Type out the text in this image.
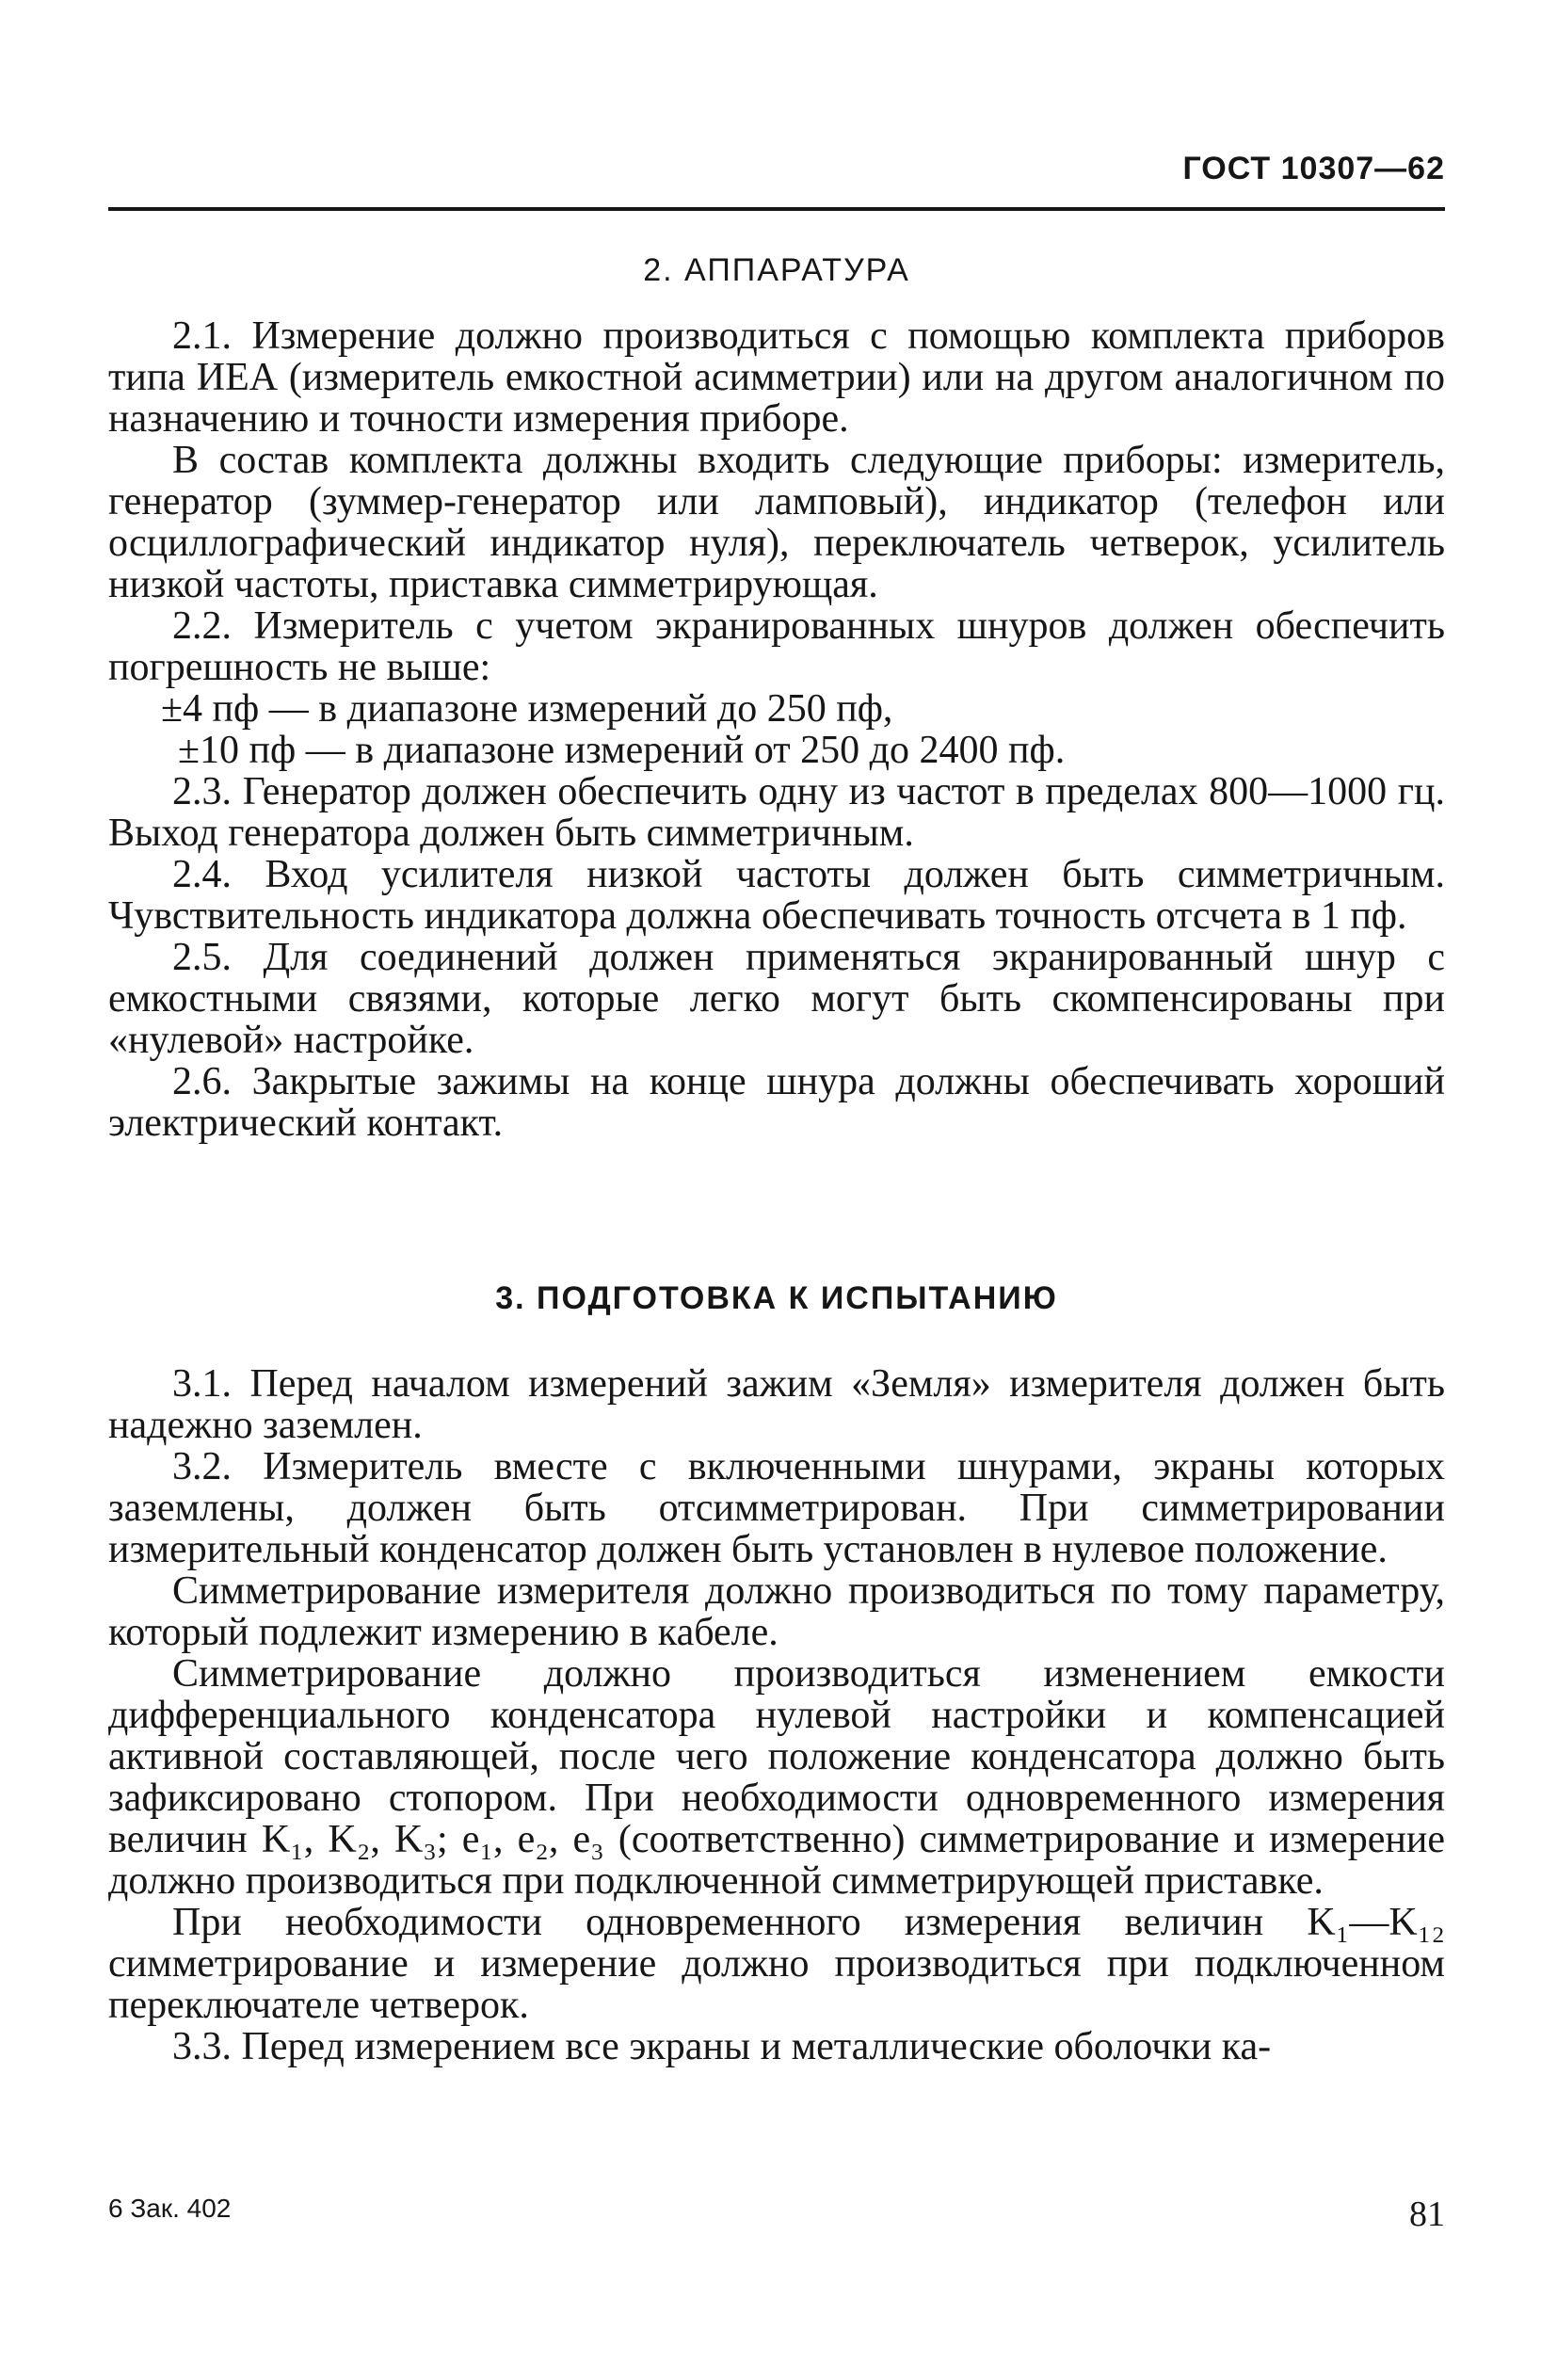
ГОСТ 10307—62
2. АППАРАТУРА

2.1. Измерение должно производиться с помощью комплекта приборов типа ИЕА (измеритель емкостной асимметрии) или на другом аналогичном по назначению и точности измерения приборе.

В состав комплекта должны входить следующие приборы: измеритель, генератор (зуммер-генератор или ламповый), индикатор (телефон или осциллографический индикатор нуля), переключатель четверок, усилитель низкой частоты, приставка симметрирующая.

2.2. Измеритель с учетом экранированных шнуров должен обеспечить погрешность не выше:

±4 пф — в диапазоне измерений до 250 пф,

±10 пф — в диапазоне измерений от 250 до 2400 пф.

2.3. Генератор должен обеспечить одну из частот в пределах 800—1000 гц. Выход генератора должен быть симметричным.

2.4. Вход усилителя низкой частоты должен быть симметричным. Чувствительность индикатора должна обеспечивать точность отсчета в 1 пф.

2.5. Для соединений должен применяться экранированный шнур с емкостными связями, которые легко могут быть скомпенсированы при «нулевой» настройке.

2.6. Закрытые зажимы на конце шнура должны обеспечивать хороший электрический контакт.

3. ПОДГОТОВКА К ИСПЫТАНИЮ

3.1. Перед началом измерений зажим «Земля» измерителя должен быть надежно заземлен.

3.2. Измеритель вместе с включенными шнурами, экраны которых заземлены, должен быть отсимметрирован. При симметрировании измерительный конденсатор должен быть установлен в нулевое положение.

Симметрирование измерителя должно производиться по тому параметру, который подлежит измерению в кабеле.

Симметрирование должно производиться изменением емкости дифференциального конденсатора нулевой настройки и компенсацией активной составляющей, после чего положение конденсатора должно быть зафиксировано стопором. При необходимости одновременного измерения величин K₁, K₂, K₃; e₁, e₂, e₃ (соответственно) симметрирование и измерение должно производиться при подключенной симметрирующей приставке.

При необходимости одновременного измерения величин K₁—K₁₂ симметрирование и измерение должно производиться при подключенном переключателе четверок.

3.3. Перед измерением все экраны и металлические оболочки ка-

6 Зак. 402	81
